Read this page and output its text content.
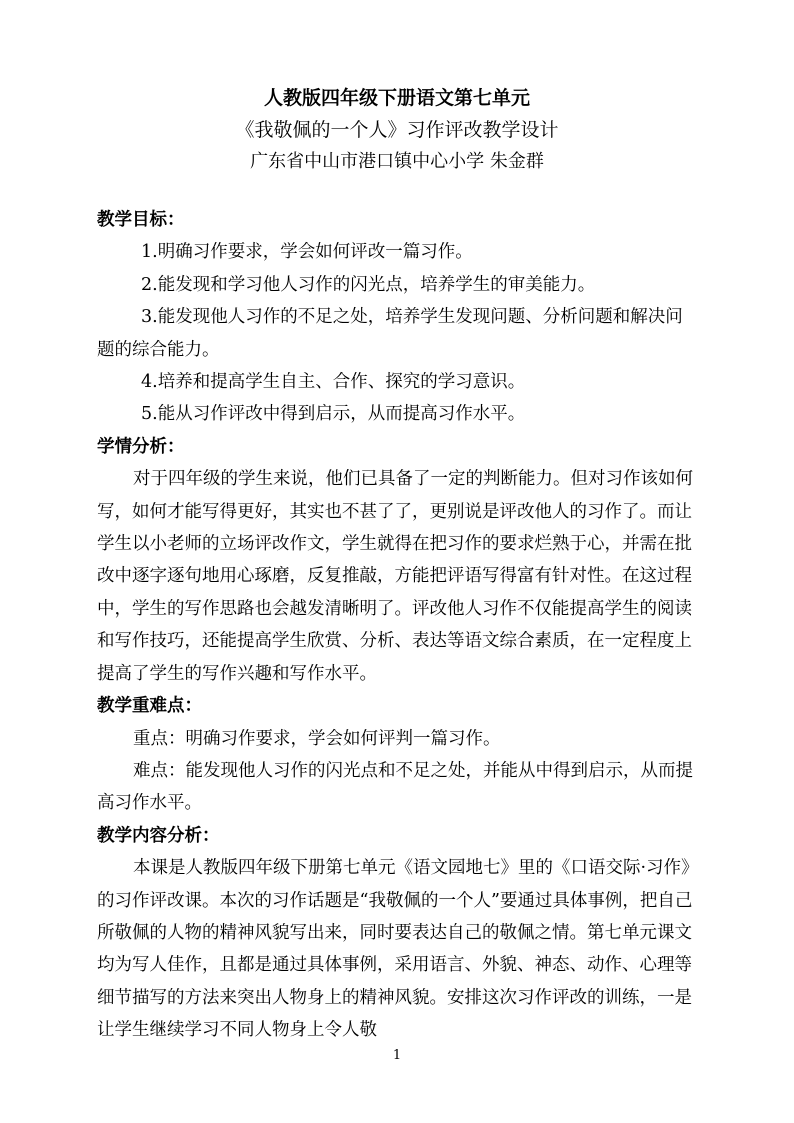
人教版四年级下册语文第七单元

《我敬佩的一个人》习作评改教学设计

广东省中山市港口镇中心小学 朱金群

教学目标：

1.明确习作要求，学会如何评改一篇习作。

2.能发现和学习他人习作的闪光点，培养学生的审美能力。

3.能发现他人习作的不足之处，培养学生发现问题、分析问题和解决问题的综合能力。

4.培养和提高学生自主、合作、探究的学习意识。

5.能从习作评改中得到启示，从而提高习作水平。

学情分析：

对于四年级的学生来说，他们已具备了一定的判断能力。但对习作该如何写，如何才能写得更好，其实也不甚了了，更别说是评改他人的习作了。而让学生以小老师的立场评改作文，学生就得在把习作的要求烂熟于心，并需在批改中逐字逐句地用心琢磨，反复推敲，方能把评语写得富有针对性。在这过程中，学生的写作思路也会越发清晰明了。评改他人习作不仅能提高学生的阅读和写作技巧，还能提高学生欣赏、分析、表达等语文综合素质，在一定程度上提高了学生的写作兴趣和写作水平。

教学重难点：

重点：明确习作要求，学会如何评判一篇习作。

难点：能发现他人习作的闪光点和不足之处，并能从中得到启示，从而提高习作水平。

教学内容分析：

本课是人教版四年级下册第七单元《语文园地七》里的《口语交际·习作》的习作评改课。本次的习作话题是“我敬佩的一个人”要通过具体事例，把自己所敬佩的人物的精神风貌写出来，同时要表达自己的敬佩之情。第七单元课文均为写人佳作，且都是通过具体事例，采用语言、外貌、神态、动作、心理等细节描写的方法来突出人物身上的精神风貌。安排这次习作评改的训练，一是让学生继续学习不同人物身上令人敬

1
